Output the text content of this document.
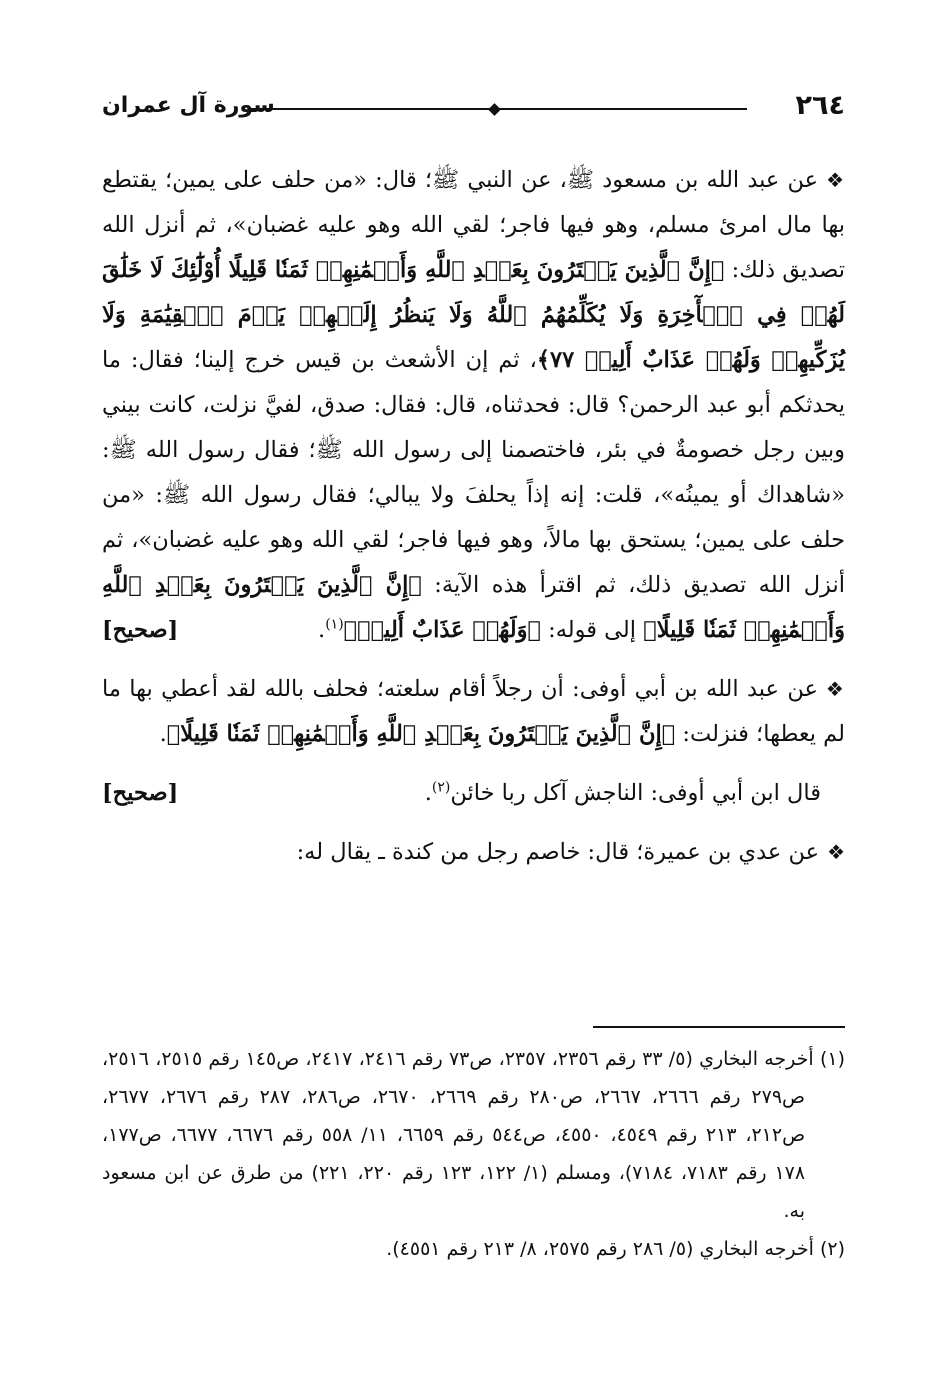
٢٦٤
سورة آل عمران

❖عن عبد الله بن مسعود ﷺ، عن النبي ﷺ؛ قال: «من حلف على يمين؛ يقتطع بها مال امرئ مسلم، وهو فيها فاجر؛ لقي الله وهو عليه غضبان»، ثم أنزل الله تصديق ذلك: ﴿إِنَّ ٱلَّذِينَ يَشۡتَرُونَ بِعَهۡدِ ٱللَّهِ وَأَيۡمَٰنِهِمۡ ثَمَنٗا قَلِيلًا أُوْلَٰٓئِكَ لَا خَلَٰقَ لَهُمۡ فِي ٱلۡأٓخِرَةِ وَلَا يُكَلِّمُهُمُ ٱللَّهُ وَلَا يَنظُرُ إِلَيۡهِمۡ يَوۡمَ ٱلۡقِيَٰمَةِ وَلَا يُزَكِّيهِمۡ وَلَهُمۡ عَذَابٌ أَلِيمٞ ٧٧﴾، ثم إن الأشعث بن قيس خرج إلينا؛ فقال: ما يحدثكم أبو عبد الرحمن؟ قال: فحدثناه، قال: فقال: صدق، لفيَّ نزلت، كانت بيني وبين رجل خصومةٌ في بئر، فاختصمنا إلى رسول الله ﷺ؛ فقال رسول الله ﷺ: «شاهداك أو يمينُه»، قلت: إنه إذاً يحلفَ ولا يبالي؛ فقال رسول الله ﷺ: «من حلف على يمين؛ يستحق بها مالاً، وهو فيها فاجر؛ لقي الله وهو عليه غضبان»، ثم أنزل الله تصديق ذلك، ثم اقترأ هذه الآية: ﴿إِنَّ ٱلَّذِينَ يَشۡتَرُونَ بِعَهۡدِ ٱللَّهِ وَأَيۡمَٰنِهِمۡ ثَمَنٗا قَلِيلًا﴾ إلى قوله: ﴿وَلَهُمۡ عَذَابٌ أَلِيمٞ﴾$^{(١)}$.
[صحيح]

❖عن عبد الله بن أبي أوفى: أن رجلاً أقام سلعته؛ فحلف بالله لقد أعطي بها ما لم يعطها؛ فنزلت: ﴿إِنَّ ٱلَّذِينَ يَشۡتَرُونَ بِعَهۡدِ ٱللَّهِ وَأَيۡمَٰنِهِمۡ ثَمَنٗا قَلِيلًا﴾.

قال ابن أبي أوفى: الناجش آكل ربا خائن$^{(٢)}$.
[صحيح]

❖عن عدي بن عميرة؛ قال: خاصم رجل من كندة ـ يقال له:

(١) أخرجه البخاري (٥/ ٣٣ رقم ٢٣٥٦، ٢٣٥٧، ص٧٣ رقم ٢٤١٦، ٢٤١٧، ص١٤٥ رقم ٢٥١٥، ٢٥١٦، ص٢٧٩ رقم ٢٦٦٦، ٢٦٦٧، ص٢٨٠ رقم ٢٦٦٩، ٢٦٧٠، ص٢٨٦، ٢٨٧ رقم ٢٦٧٦، ٢٦٧٧، ص٢١٢، ٢١٣ رقم ٤٥٤٩، ٤٥٥٠، ص٥٤٤ رقم ٦٦٥٩، ١١/ ٥٥٨ رقم ٦٦٧٦، ٦٦٧٧، ص١٧٧، ١٧٨ رقم ٧١٨٣، ٧١٨٤)، ومسلم (١/ ١٢٢، ١٢٣ رقم ٢٢٠، ٢٢١) من طرق عن ابن مسعود به.

(٢) أخرجه البخاري (٥/ ٢٨٦ رقم ٢٥٧٥، ٨/ ٢١٣ رقم ٤٥٥١).
